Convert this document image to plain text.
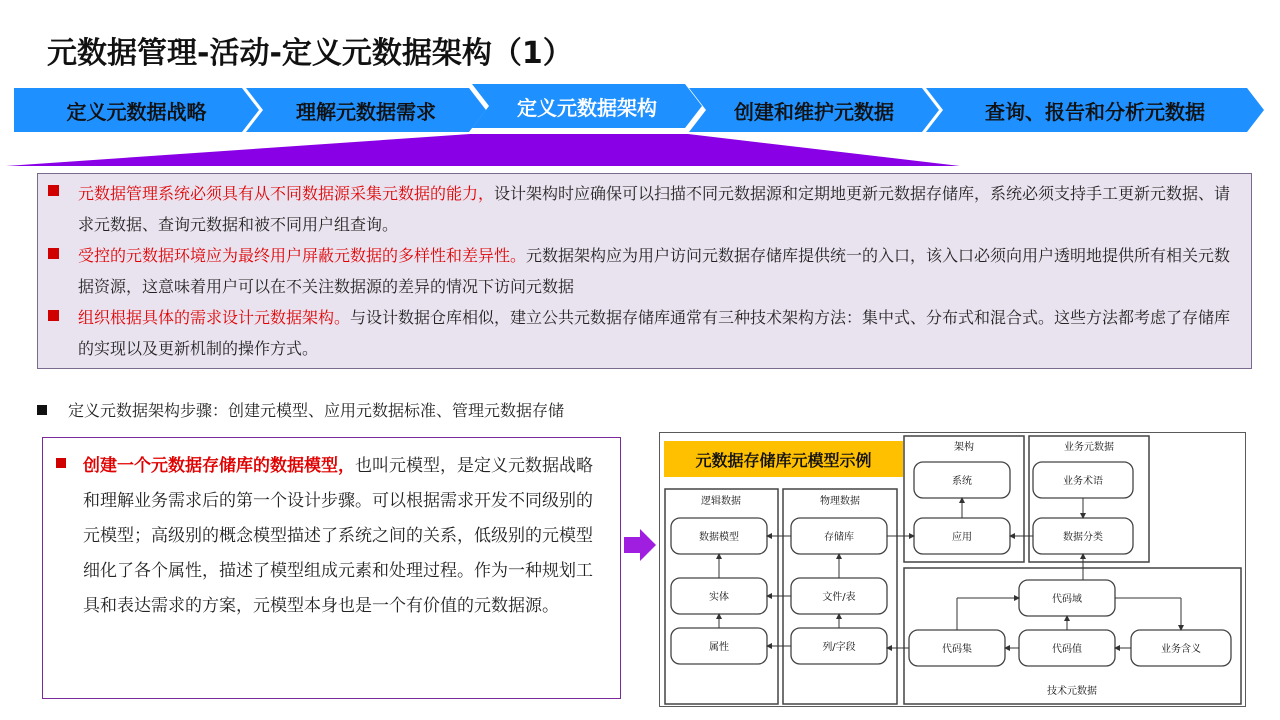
元数据管理-活动-定义元数据架构（1）
定义元数据战略	理解元数据需求	定义元数据架构	创建和维护元数据	查询、报告和分析元数据
元数据管理系统必须具有从不同数据源采集元数据的能力，设计架构时应确保可以扫描不同元数据源和定期地更新元数据存储库，系统必须支持手工更新元数据、请求元数据、查询元数据和被不同用户组查询。
受控的元数据环境应为最终用户屏蔽元数据的多样性和差异性。元数据架构应为用户访问元数据存储库提供统一的入口，该入口必须向用户透明地提供所有相关元数据资源，这意味着用户可以在不关注数据源的差异的情况下访问元数据
组织根据具体的需求设计元数据架构。与设计数据仓库相似，建立公共元数据存储库通常有三种技术架构方法：集中式、分布式和混合式。这些方法都考虑了存储库的实现以及更新机制的操作方式。
定义元数据架构步骤：创建元模型、应用元数据标准、管理元数据存储
创建一个元数据存储库的数据模型，也叫元模型，是定义元数据战略和理解业务需求后的第一个设计步骤。可以根据需求开发不同级别的元模型；高级别的概念模型描述了系统之间的关系，低级别的元模型细化了各个属性，描述了模型组成元素和处理过程。作为一种规划工具和表达需求的方案，元模型本身也是一个有价值的元数据源。
逻辑数据	物理数据
架构	业务元数据
技术元数据
数据模型
实体
属性
存储库
文件/表
列/字段
系统
应用
业务术语
数据分类
代码域
代码集	代码值	业务含义
元数据存储库元模型示例
